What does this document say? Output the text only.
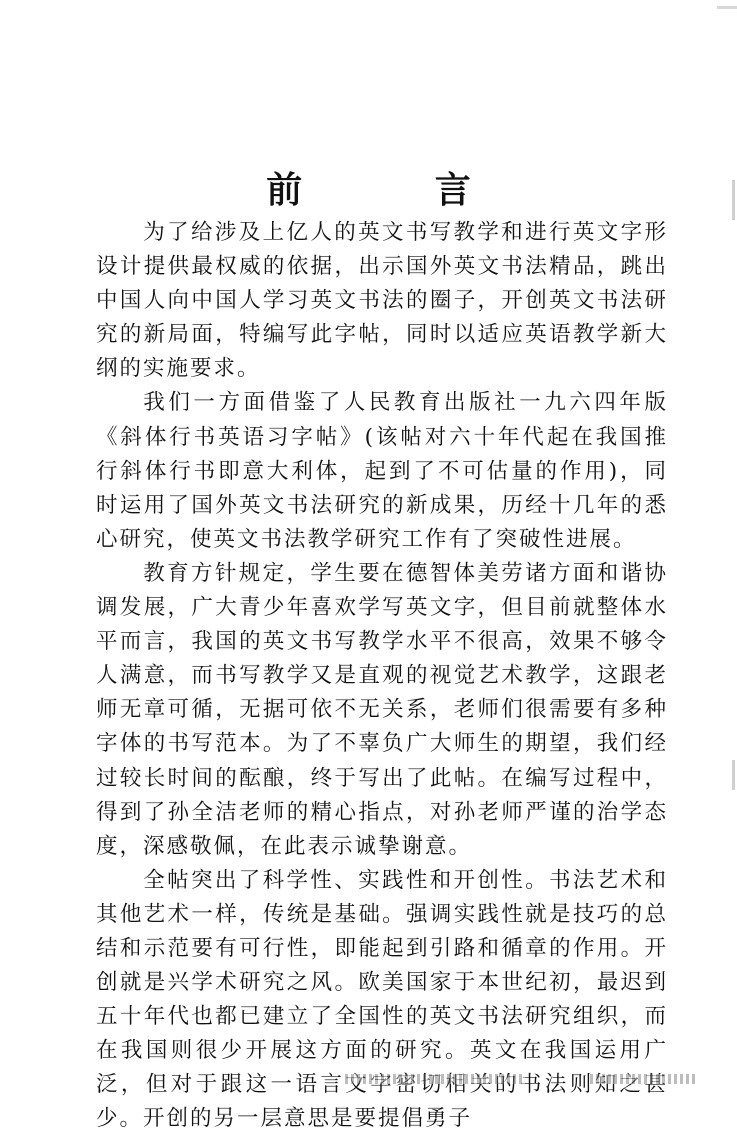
前 言

为了给涉及上亿人的英文书写教学和进行英文字形设计提供最权威的依据，出示国外英文书法精品，跳出中国人向中国人学习英文书法的圈子，开创英文书法研究的新局面，特编写此字帖，同时以适应英语教学新大纲的实施要求。

我们一方面借鉴了人民教育出版社一九六四年版《斜体行书英语习字帖》(该帖对六十年代起在我国推行斜体行书即意大利体，起到了不可估量的作用)，同时运用了国外英文书法研究的新成果，历经十几年的悉心研究，使英文书法教学研究工作有了突破性进展。

教育方针规定，学生要在德智体美劳诸方面和谐协调发展，广大青少年喜欢学写英文字，但目前就整体水平而言，我国的英文书写教学水平不很高，效果不够令人满意，而书写教学又是直观的视觉艺术教学，这跟老师无章可循，无据可依不无关系，老师们很需要有多种字体的书写范本。为了不辜负广大师生的期望，我们经过较长时间的酝酿，终于写出了此帖。在编写过程中，得到了孙全洁老师的精心指点，对孙老师严谨的治学态度，深感敬佩，在此表示诚挚谢意。

全帖突出了科学性、实践性和开创性。书法艺术和其他艺术一样，传统是基础。强调实践性就是技巧的总结和示范要有可行性，即能起到引路和循章的作用。开创就是兴学术研究之风。欧美国家于本世纪初，最迟到五十年代也都已建立了全国性的英文书法研究组织，而在我国则很少开展这方面的研究。英文在我国运用广泛，但对于跟这一语言文字密切相关的书法则知之甚少。开创的另一层意思是要提倡勇子
